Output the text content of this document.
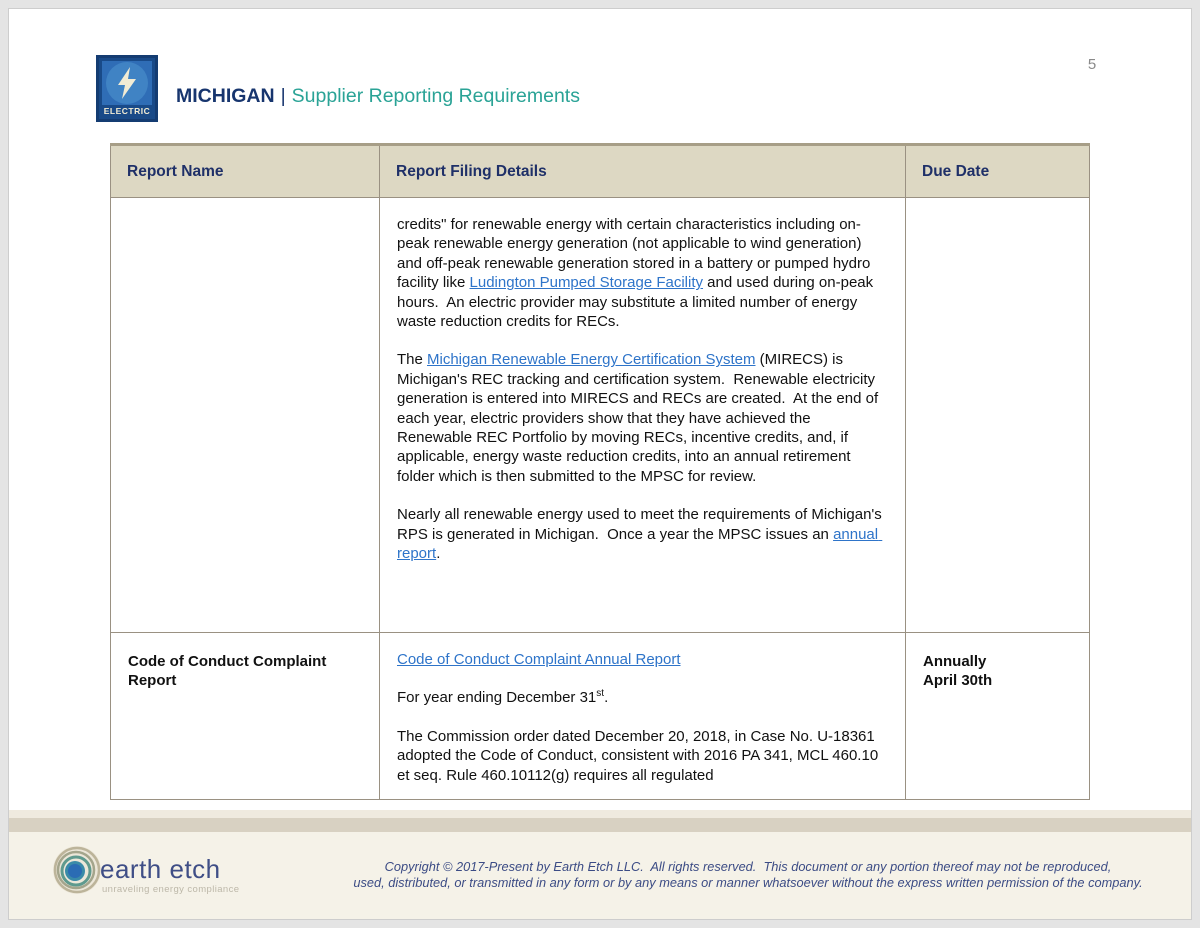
ELECTRIC
MICHIGAN | Supplier Reporting Requirements
5
Report Name	Report Filing Details	Due Date

credits" for renewable energy with certain characteristics including on-peak renewable energy generation (not applicable to wind generation) and off-peak renewable generation stored in a battery or pumped hydro facility like Ludington Pumped Storage Facility and used during on-peak hours.  An electric provider may substitute a limited number of energy waste reduction credits for RECs.

The Michigan Renewable Energy Certification System (MIRECS) is Michigan's REC tracking and certification system.  Renewable electricity generation is entered into MIRECS and RECs are created.  At the end of each year, electric providers show that they have achieved the Renewable REC Portfolio by moving RECs, incentive credits, and, if applicable, energy waste reduction credits, into an annual retirement folder which is then submitted to the MPSC for review.

Nearly all renewable energy used to meet the requirements of Michigan's RPS is generated in Michigan.  Once a year the MPSC issues an annual report.

Code of Conduct Complaint Report

Code of Conduct Complaint Annual Report

For year ending December 31st.

The Commission order dated December 20, 2018, in Case No. U-18361 adopted the Code of Conduct, consistent with 2016 PA 341, MCL 460.10 et seq. Rule 460.10112(g) requires all regulated

Annually
April 30th
earth etch
unraveling energy compliance
Copyright © 2017-Present by Earth Etch LLC.  All rights reserved.  This document or any portion thereof may not be reproduced,
used, distributed, or transmitted in any form or by any means or manner whatsoever without the express written permission of the company.
